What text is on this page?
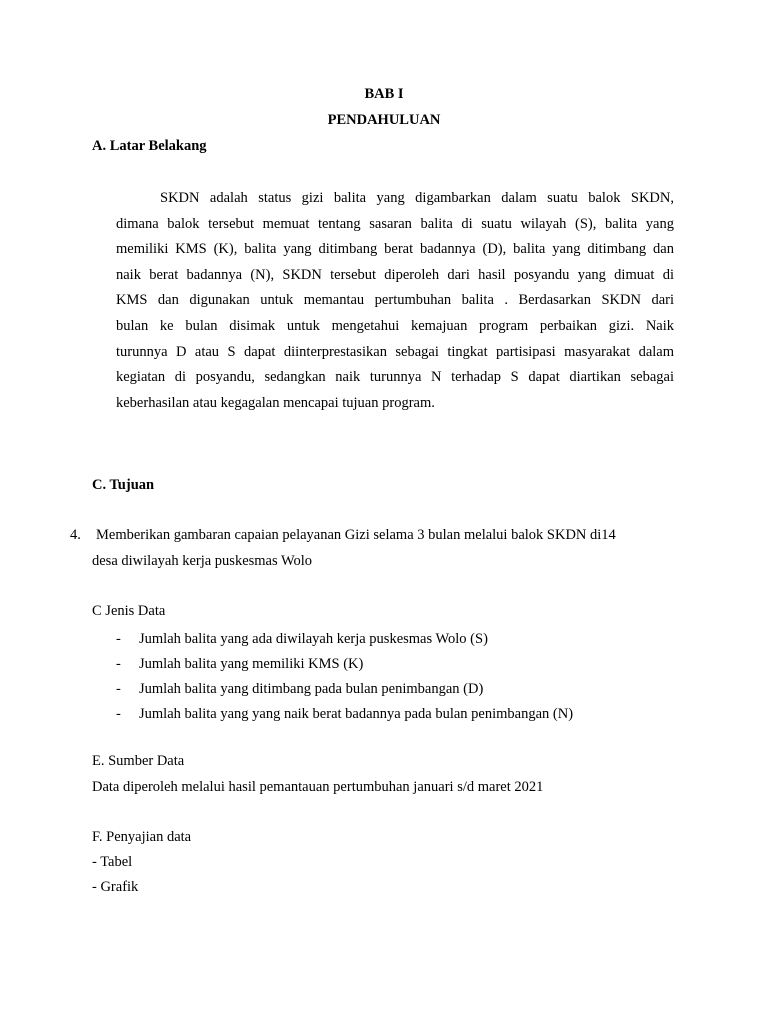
BAB I
PENDAHULUAN
A. Latar Belakang
SKDN adalah status gizi balita yang digambarkan dalam suatu balok SKDN,
dimana balok tersebut memuat tentang sasaran balita di suatu wilayah (S), balita yang
memiliki KMS (K), balita yang ditimbang berat badannya (D), balita yang ditimbang dan
naik berat badannya (N), SKDN tersebut diperoleh dari hasil posyandu yang dimuat di
KMS dan digunakan untuk memantau pertumbuhan balita . Berdasarkan SKDN dari
bulan ke bulan disimak untuk mengetahui kemajuan program perbaikan gizi. Naik
turunnya D atau S dapat diinterprestasikan sebagai tingkat partisipasi masyarakat dalam
kegiatan di posyandu, sedangkan naik turunnya N terhadap S dapat diartikan sebagai
keberhasilan atau kegagalan mencapai tujuan program.
C. Tujuan
4. Memberikan gambaran capaian pelayanan Gizi selama 3 bulan melalui balok SKDN di14
desa diwilayah kerja puskesmas Wolo
C Jenis Data
- Jumlah balita yang ada diwilayah kerja puskesmas Wolo (S)
- Jumlah balita yang memiliki KMS (K)
- Jumlah balita yang ditimbang pada bulan penimbangan (D)
- Jumlah balita yang yang naik berat badannya pada bulan penimbangan (N)
E. Sumber Data
Data diperoleh melalui hasil pemantauan pertumbuhan januari s/d maret 2021
F. Penyajian data
- Tabel
- Grafik
